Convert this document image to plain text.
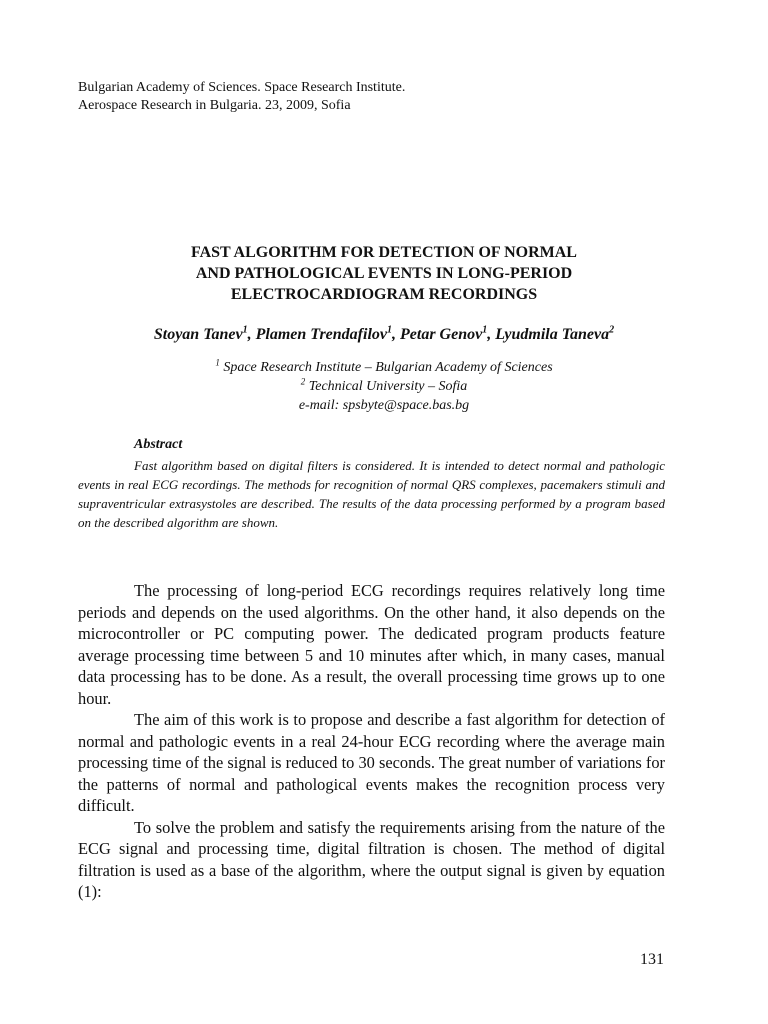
Bulgarian Academy of Sciences. Space Research Institute.
Aerospace Research in Bulgaria. 23, 2009, Sofia
FAST ALGORITHM FOR DETECTION OF NORMAL
AND PATHOLOGICAL EVENTS IN LONG-PERIOD
ELECTROCARDIOGRAM RECORDINGS
Stoyan Tanev$^1$, Plamen Trendafilov$^1$, Petar Genov$^1$, Lyudmila Taneva$^2$
$^1$ Space Research Institute – Bulgarian Academy of Sciences
$^2$ Technical University – Sofia
e-mail: spsbyte@space.bas.bg
Abstract

Fast algorithm based on digital filters is considered. It is intended to detect normal and pathologic events in real ECG recordings. The methods for recognition of normal QRS complexes, pacemakers stimuli and supraventricular extrasystoles are described. The results of the data processing performed by a program based on the described algorithm are shown.

The processing of long-period ECG recordings requires relatively long time periods and depends on the used algorithms. On the other hand, it also depends on the microcontroller or PC computing power. The dedicated program products feature average processing time between 5 and 10 minutes after which, in many cases, manual data processing has to be done. As a result, the overall processing time grows up to one hour.

The aim of this work is to propose and describe a fast algorithm for detection of normal and pathologic events in a real 24-hour ECG recording where the average main processing time of the signal is reduced to 30 seconds. The great number of variations for the patterns of normal and pathological events makes the recognition process very difficult.

To solve the problem and satisfy the requirements arising from the nature of the ECG signal and processing time, digital filtration is chosen. The method of digital filtration is used as a base of the algorithm, where the output signal is given by equation (1):

131
